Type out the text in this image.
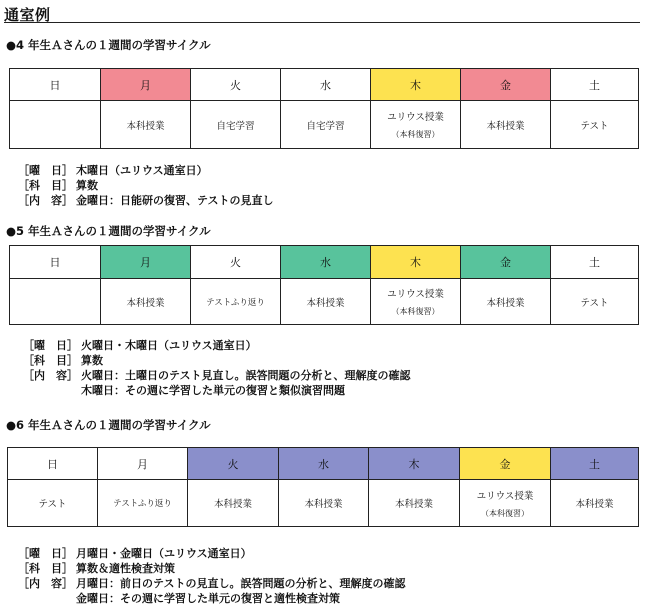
通室例
●4 年生Ａさんの１週間の学習サイクル
日	月	火	水	木	金	土

	本科授業	自宅学習	自宅学習	ユリウス授業
（本科復習）	本科授業	テスト
［曜　日］ 木曜日（ユリウス通室日）
［科　目］ 算数
［内　容］ 金曜日：日能研の復習、テストの見直し
●5 年生Ａさんの１週間の学習サイクル
日	月	火	水	木	金	土

	本科授業	テストふり返り	本科授業	ユリウス授業
（本科復習）	本科授業	テスト
［曜　日］ 火曜日・木曜日（ユリウス通室日）
［科　目］ 算数
［内　容］ 火曜日：土曜日のテスト見直し。誤答問題の分析と、理解度の確認
木曜日：その週に学習した単元の復習と類似演習問題
●6 年生Ａさんの１週間の学習サイクル
日	月	火	水	木	金	土

テスト	テストふり返り	本科授業	本科授業	本科授業	ユリウス授業
（本科復習）	本科授業
［曜　日］ 月曜日・金曜日（ユリウス通室日）
［科　目］ 算数＆適性検査対策
［内　容］ 月曜日：前日のテストの見直し。誤答問題の分析と、理解度の確認
金曜日：その週に学習した単元の復習と適性検査対策
